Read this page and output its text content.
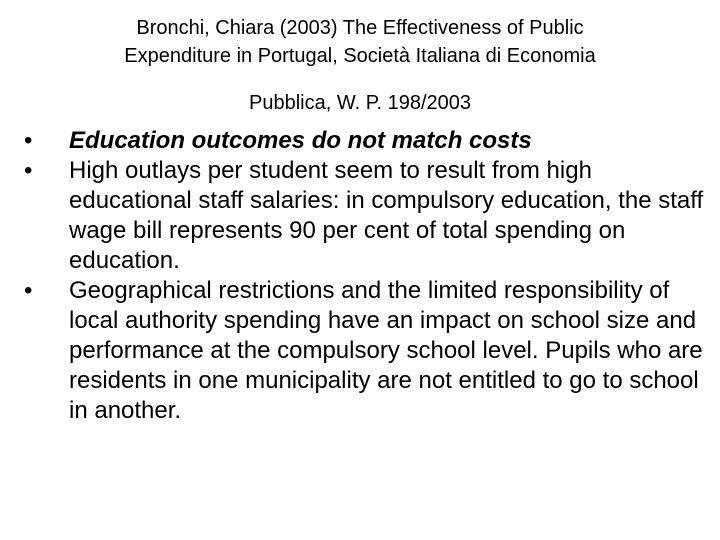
Bronchi, Chiara (2003) The Effectiveness of Public
Expenditure in Portugal, Società Italiana di Economia
Pubblica, W. P. 198/2003
•	Education outcomes do not match costs
•	High outlays per student seem to result from high educational staff salaries: in compulsory education, the staff wage bill represents 90 per cent of total spending on education.
•	Geographical restrictions and the limited responsibility of local authority spending have an impact on school size and performance at the compulsory school level. Pupils who are residents in one municipality are not entitled to go to school in another.
